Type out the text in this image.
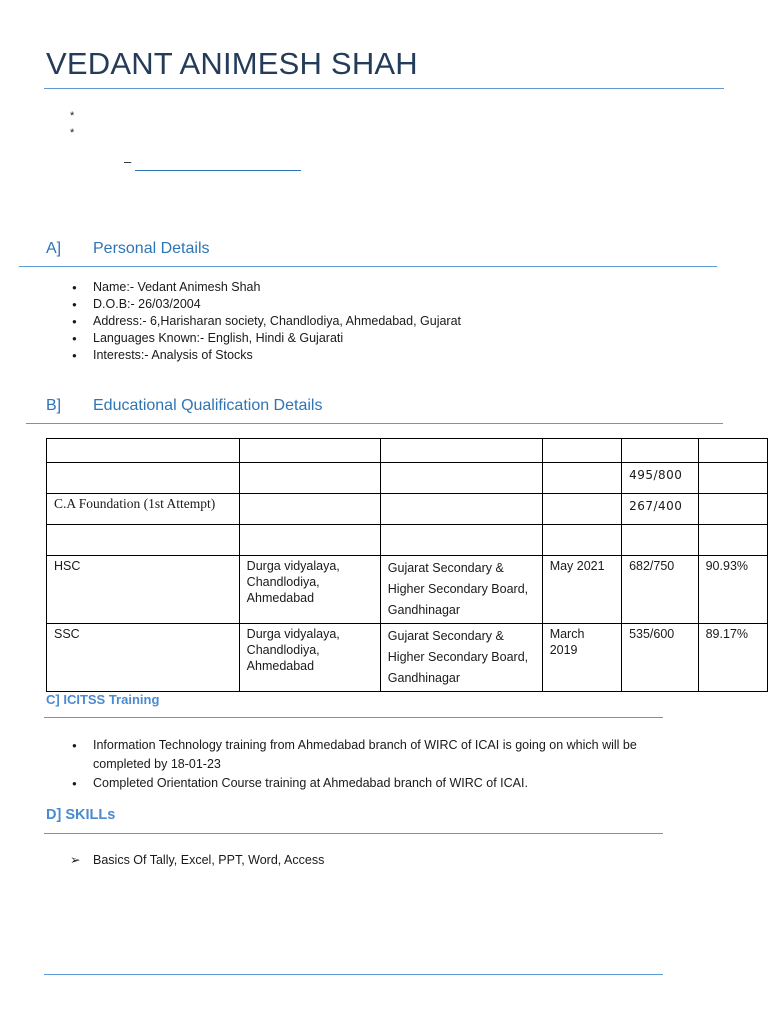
VEDANT ANIMESH SHAH
*
*
–
A] Personal Details
● Name:- Vedant Animesh Shah
● D.O.B:- 26/03/2004
● Address:- 6,Harisharan society, Chandlodiya, Ahmedabad, Gujarat
● Languages Known:- English, Hindi & Gujarati
● Interests:- Analysis of Stocks
B] Educational Qualification Details

				495/800	
C.A Foundation (1st Attempt)				267/400	

HSC	Durga vidyalaya, Chandlodiya, Ahmedabad	Gujarat Secondary & Higher Secondary Board, Gandhinagar	May 2021	682/750	90.93%
SSC	Durga vidyalaya, Chandlodiya, Ahmedabad	Gujarat Secondary & Higher Secondary Board, Gandhinagar	March 2019	535/600	89.17%
C] ICITSS Training
● Information Technology training from Ahmedabad branch of WIRC of ICAI is going on which will be completed by 18-01-23
● Completed Orientation Course training at Ahmedabad branch of WIRC of ICAI.
D] SKILLs
➢ Basics Of Tally, Excel, PPT, Word, Access
